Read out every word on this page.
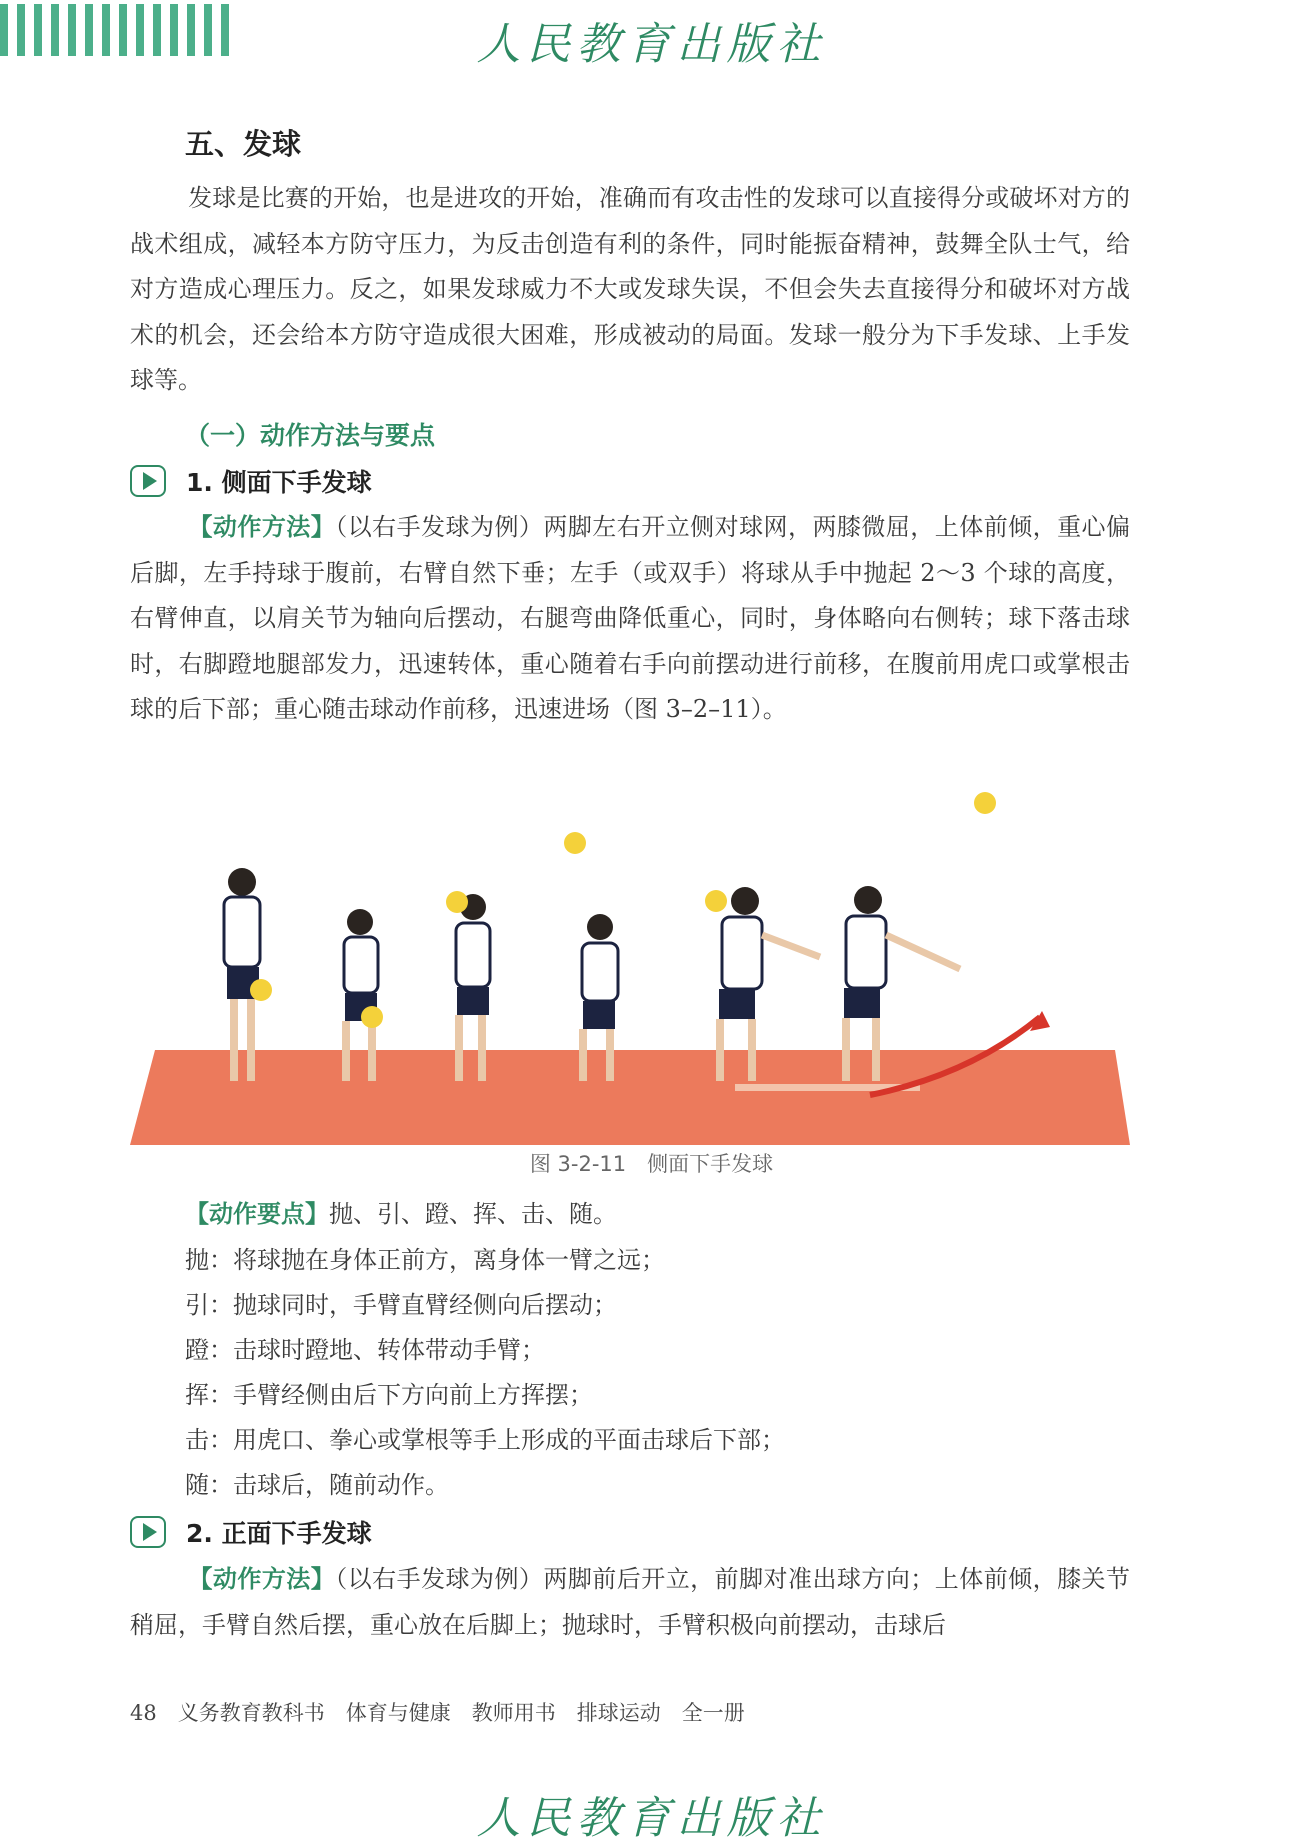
人民教育出版社
五、发球

发球是比赛的开始，也是进攻的开始，准确而有攻击性的发球可以直接得分或破坏对方的战术组成，减轻本方防守压力，为反击创造有利的条件，同时能振奋精神，鼓舞全队士气，给对方造成心理压力。反之，如果发球威力不大或发球失误，不但会失去直接得分和破坏对方战术的机会，还会给本方防守造成很大困难，形成被动的局面。发球一般分为下手发球、上手发球等。

（一）动作方法与要点
1. 侧面下手发球

【动作方法】（以右手发球为例）两脚左右开立侧对球网，两膝微屈，上体前倾，重心偏后脚，左手持球于腹前，右臂自然下垂；左手（或双手）将球从手中抛起 2～3 个球的高度，右臂伸直，以肩关节为轴向后摆动，右腿弯曲降低重心，同时，身体略向右侧转；球下落击球时，右脚蹬地腿部发力，迅速转体，重心随着右手向前摆动进行前移，在腹前用虎口或掌根击球的后下部；重心随击球动作前移，迅速进场（图 3–2–11）。

图 3-2-11　侧面下手发球
【动作要点】抛、引、蹬、挥、击、随。
抛：将球抛在身体正前方，离身体一臂之远；
引：抛球同时，手臂直臂经侧向后摆动；
蹬：击球时蹬地、转体带动手臂；
挥：手臂经侧由后下方向前上方挥摆；
击：用虎口、拳心或掌根等手上形成的平面击球后下部；
随：击球后，随前动作。
2. 正面下手发球

【动作方法】（以右手发球为例）两脚前后开立，前脚对准出球方向；上体前倾，膝关节稍屈，手臂自然后摆，重心放在后脚上；抛球时，手臂积极向前摆动，击球后

48　义务教育教科书　体育与健康　教师用书　排球运动　全一册
人民教育出版社
